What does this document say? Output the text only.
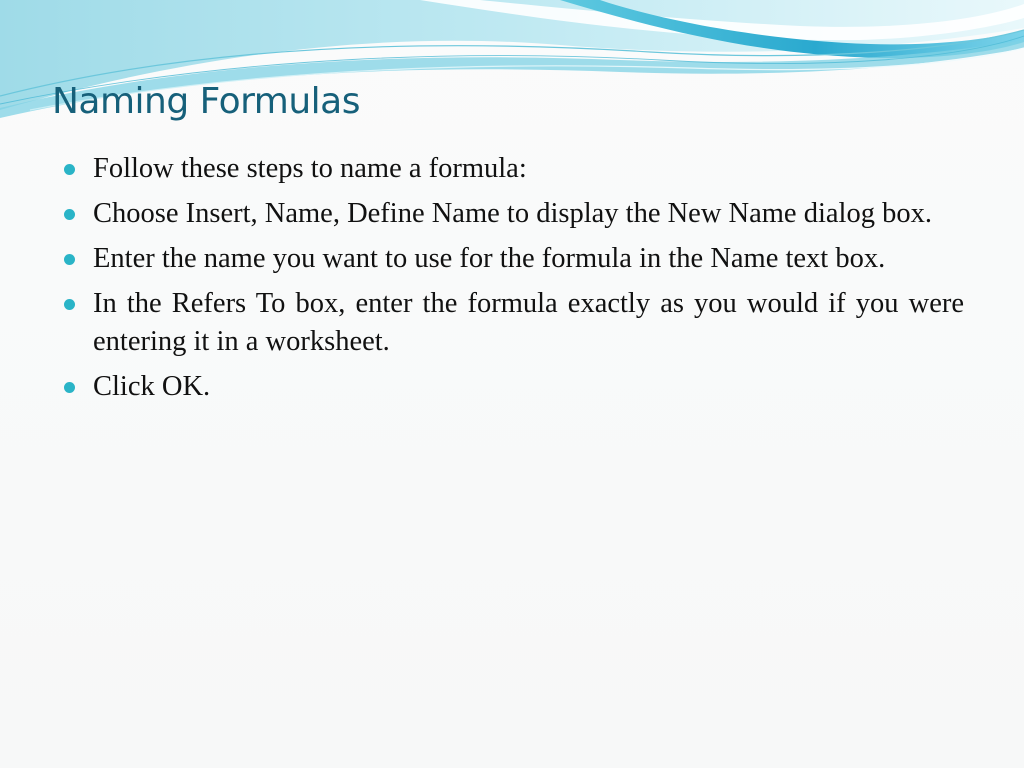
Naming Formulas
Follow these steps to name a formula:
Choose Insert, Name, Define Name to display the New Name dialog box.
Enter the name you want to use for the formula in the Name text box.
In the Refers To box, enter the formula exactly as you would if you were entering it in a worksheet.
Click OK.
